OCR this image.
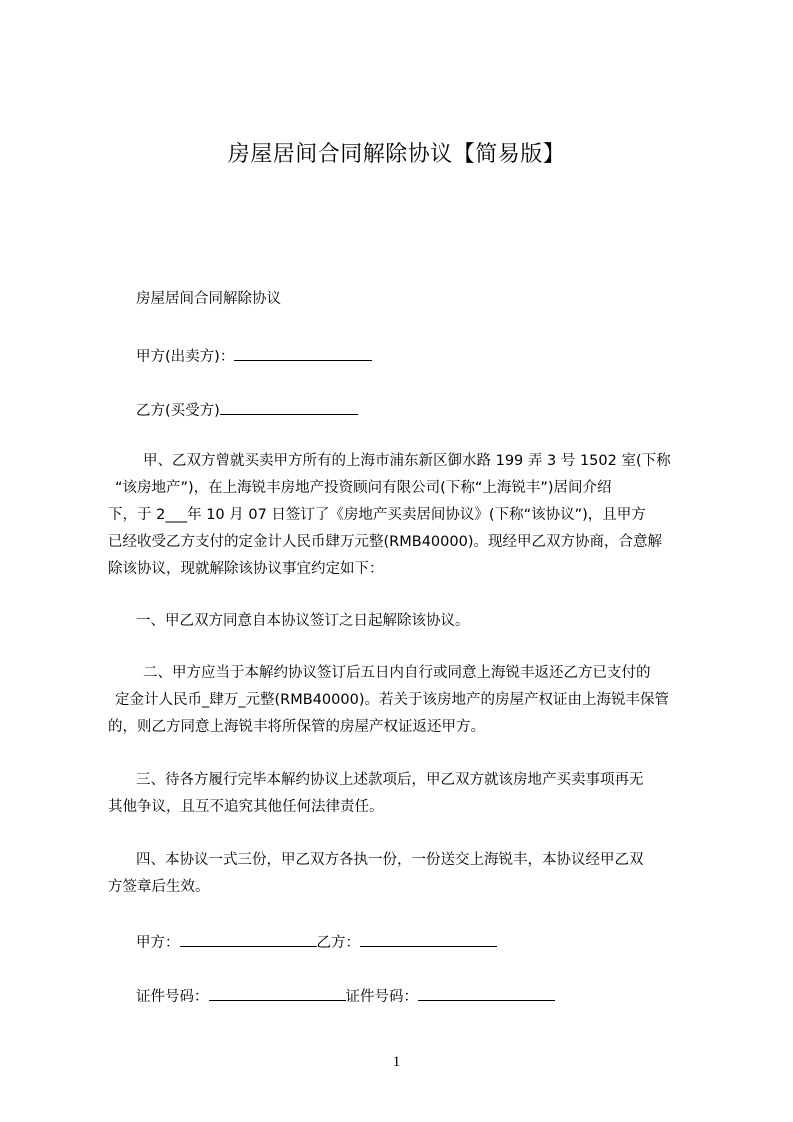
房屋居间合同解除协议【简易版】
房屋居间合同解除协议
甲方(出卖方)：
乙方(买受方)
甲、乙双方曾就买卖甲方所有的上海市浦东新区御水路 199 弄 3 号 1502 室(下称
“该房地产”)，在上海锐丰房地产投资顾问有限公司(下称“上海锐丰”)居间介绍
下，于 2___年 10 月 07 日签订了《房地产买卖居间协议》(下称“该协议”)，且甲方
已经收受乙方支付的定金计人民币肆万元整(RMB40000)。现经甲乙双方协商，合意解
除该协议，现就解除该协议事宜约定如下：
一、甲乙双方同意自本协议签订之日起解除该协议。
二、甲方应当于本解约协议签订后五日内自行或同意上海锐丰返还乙方已支付的
定金计人民币_肆万_元整(RMB40000)。若关于该房地产的房屋产权证由上海锐丰保管
的，则乙方同意上海锐丰将所保管的房屋产权证返还甲方。
三、待各方履行完毕本解约协议上述款项后，甲乙双方就该房地产买卖事项再无
其他争议，且互不追究其他任何法律责任。
四、本协议一式三份，甲乙双方各执一份，一份送交上海锐丰，本协议经甲乙双
方签章后生效。
甲方：	乙方：
证件号码：	证件号码：
1
